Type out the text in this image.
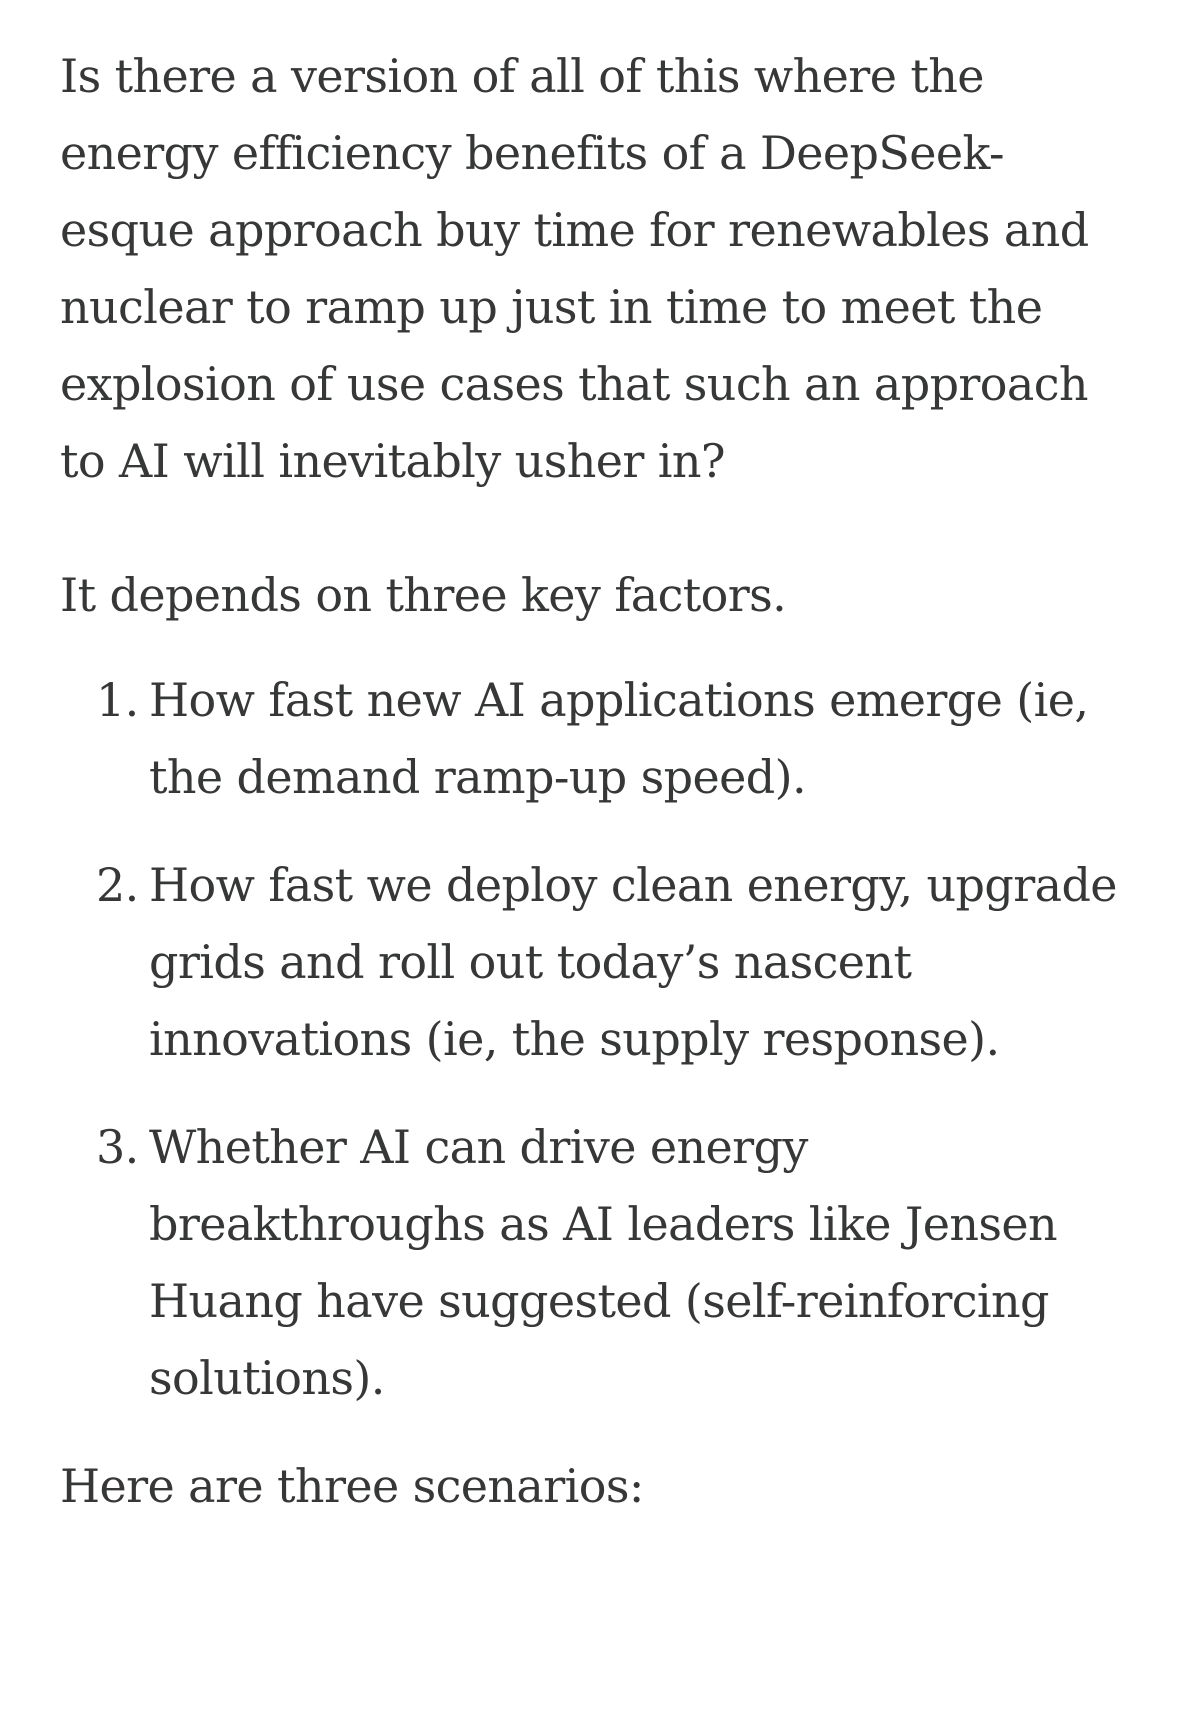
Is there a version of all of this where the energy efficiency benefits of a DeepSeek-esque approach buy time for renewables and nuclear to ramp up just in time to meet the explosion of use cases that such an approach to AI will inevitably usher in?

It depends on three key factors.

1. How fast new AI applications emerge (ie, the demand ramp-up speed).
2. How fast we deploy clean energy, upgrade grids and roll out today’s nascent innovations (ie, the supply response).
3. Whether AI can drive energy breakthroughs as AI leaders like Jensen Huang have suggested (self-reinforcing solutions).

Here are three scenarios:
